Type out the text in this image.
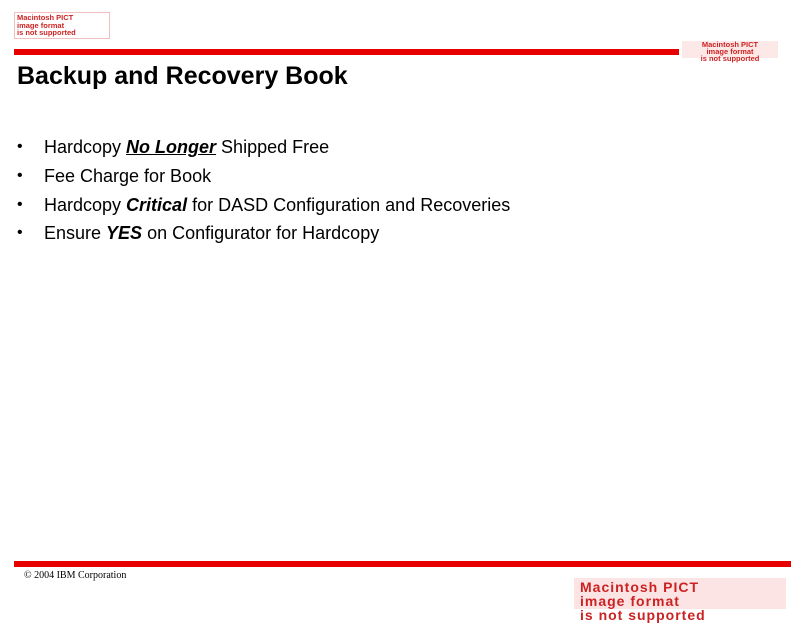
Macintosh PICT
image format
is not supported
Macintosh PICT
image format
is not supported
Backup and Recovery Book
• Hardcopy No Longer Shipped Free
• Fee Charge for Book
• Hardcopy Critical for DASD Configuration and Recoveries
• Ensure YES on Configurator for Hardcopy
© 2004 IBM Corporation
Macintosh PICT
image format
is not supported
